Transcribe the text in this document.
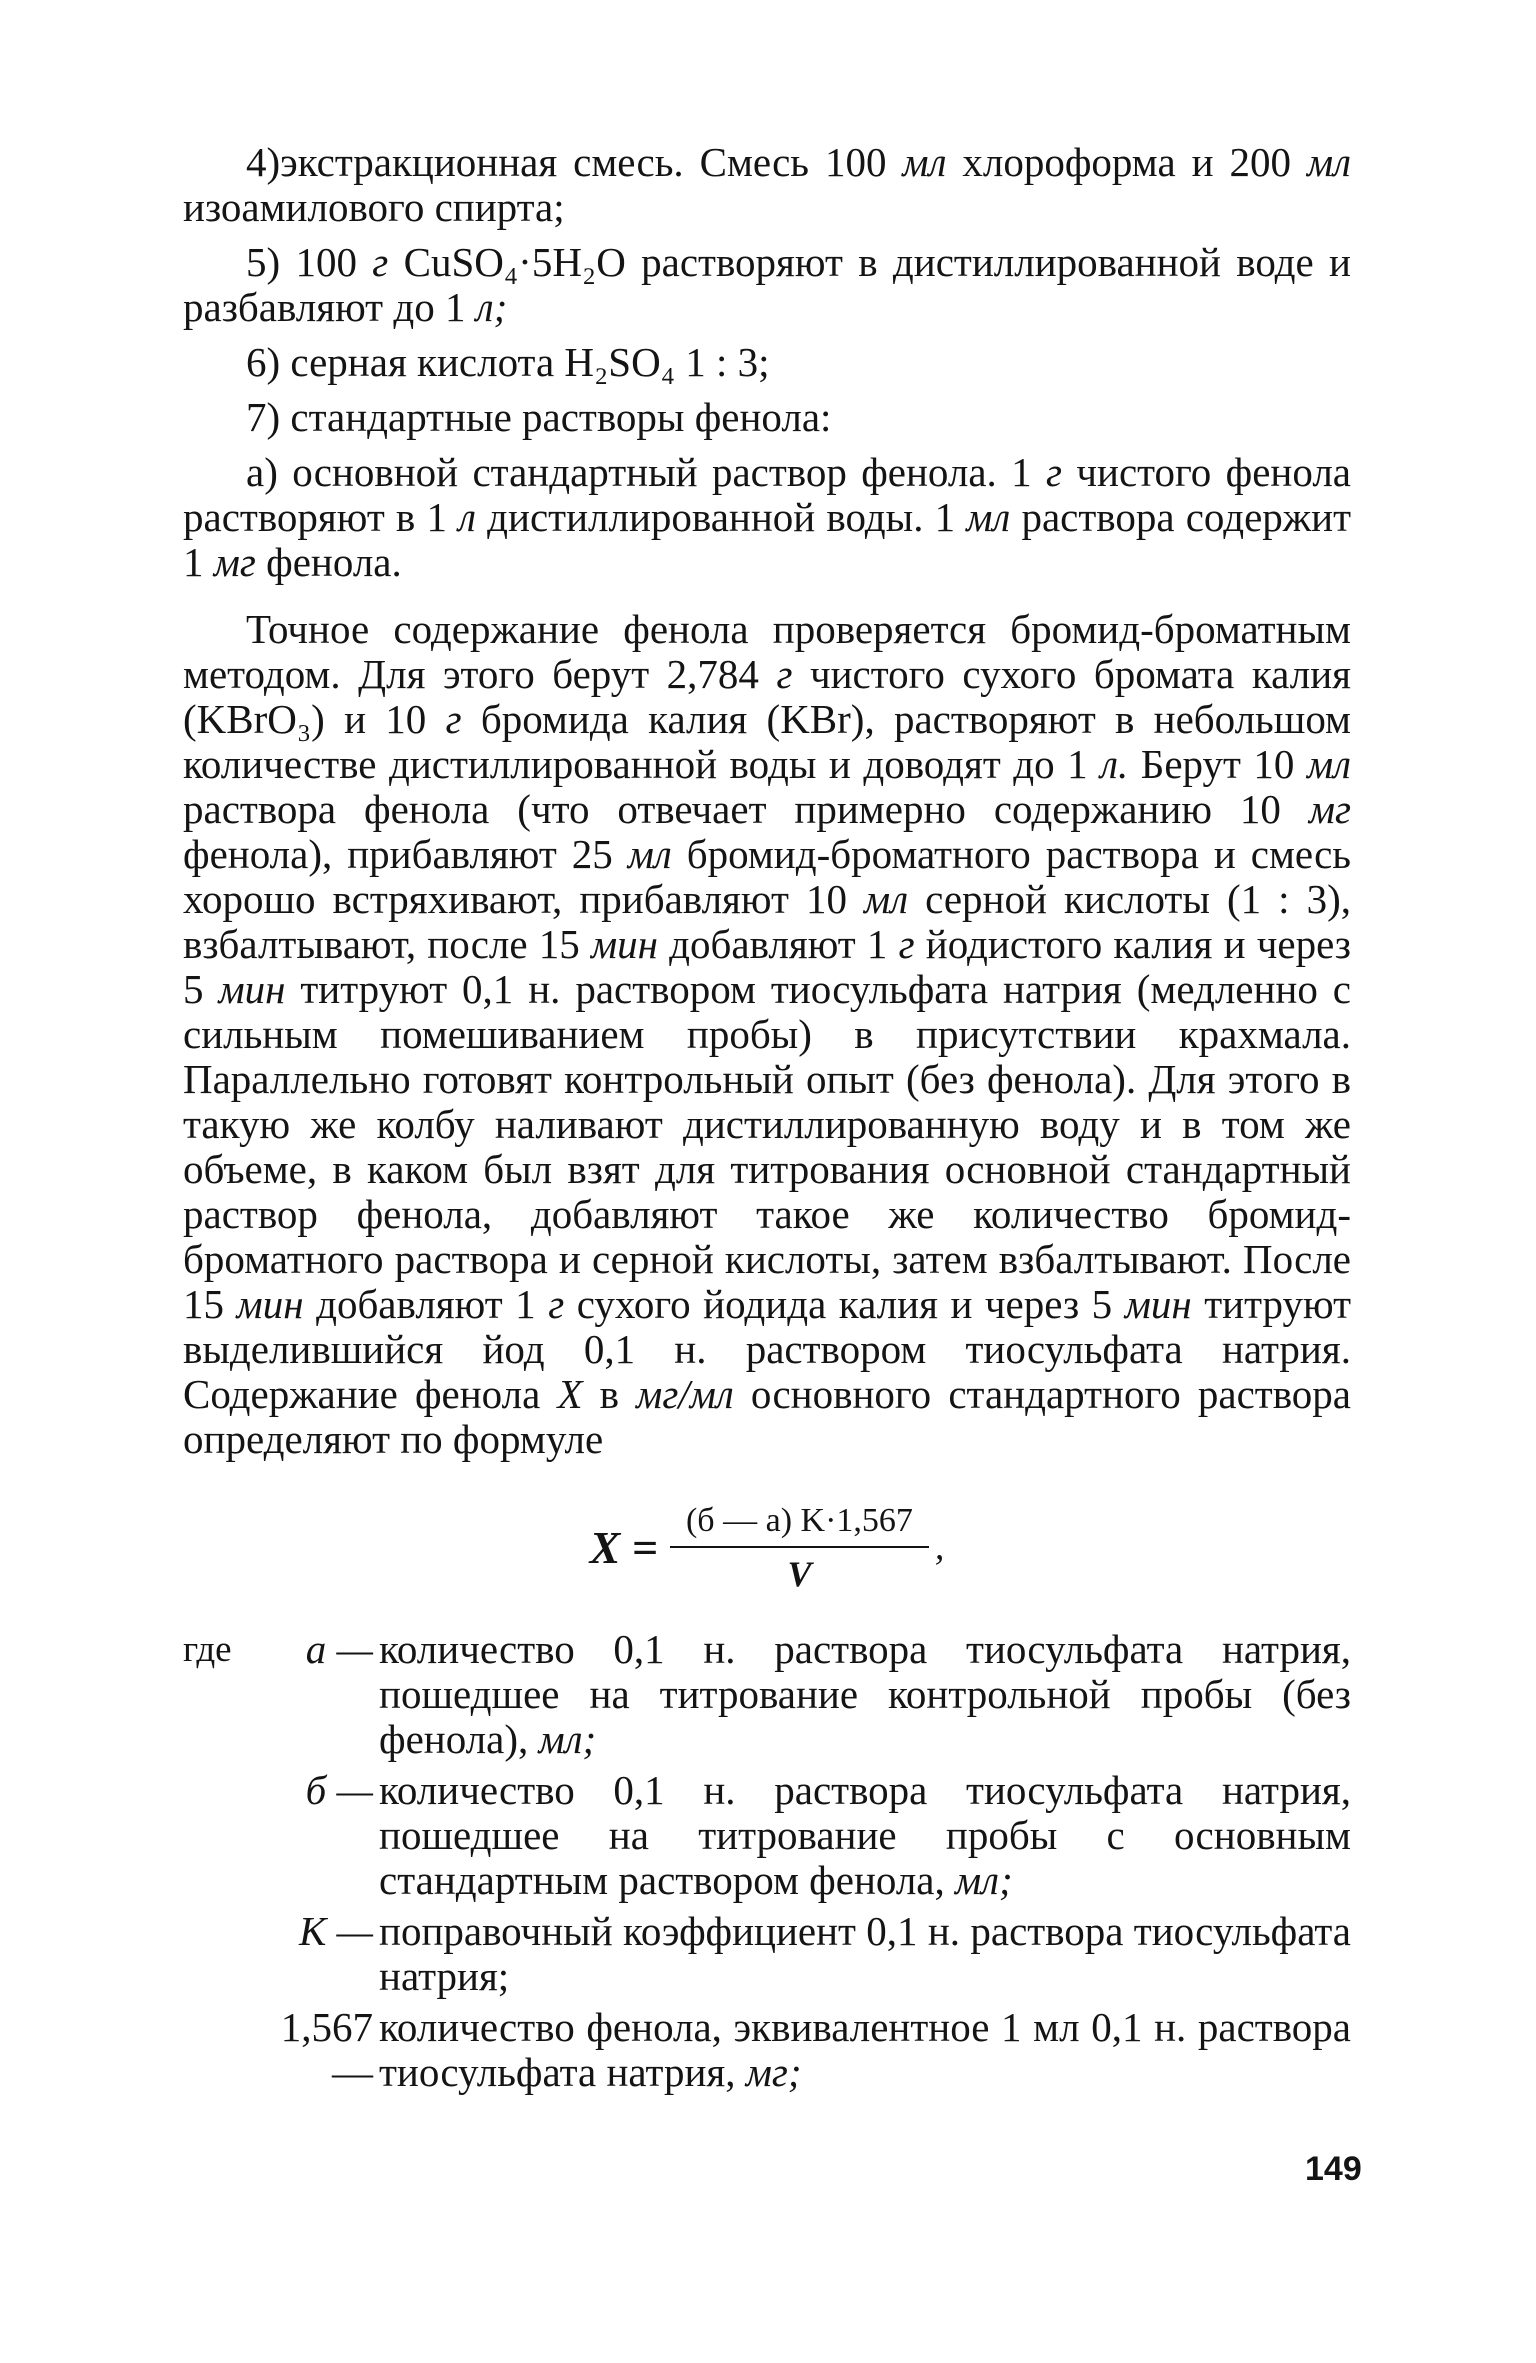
4)экстракционная смесь. Смесь 100 мл хлороформа и 200 мл изоамилового спирта;

5) 100 г CuSO₄·5H₂O растворяют в дистиллированной воде и разбавляют до 1 л;

6) серная кислота H₂SO₄ 1 : 3;

7) стандартные растворы фенола:

а) основной стандартный раствор фенола. 1 г чистого фенола растворяют в 1 л дистиллированной воды. 1 мл раствора содержит 1 мг фенола.

Точное содержание фенола проверяется бромид-броматным методом. Для этого берут 2,784 г чистого сухого бромата калия (KBrO₃) и 10 г бромида калия (KBr), растворяют в небольшом количестве дистиллированной воды и доводят до 1 л. Берут 10 мл раствора фенола (что отвечает примерно содержанию 10 мг фенола), прибавляют 25 мл бромид-броматного раствора и смесь хорошо встряхивают, прибавляют 10 мл серной кислоты (1 : 3), взбалтывают, после 15 мин добавляют 1 г йодистого калия и через 5 мин титруют 0,1 н. раствором тиосульфата натрия (медленно с сильным помешиванием пробы) в присутствии крахмала. Параллельно готовят контрольный опыт (без фенола). Для этого в такую же колбу наливают дистиллированную воду и в том же объеме, в каком был взят для титрования основной стандартный раствор фенола, добавляют такое же количество бромид-броматного раствора и серной кислоты, затем взбалтывают. После 15 мин добавляют 1 г сухого йодида калия и через 5 мин титруют выделившийся йод 0,1 н. раствором тиосульфата натрия. Содержание фенола X в мг/мл основного стандартного раствора определяют по формуле

$X = \frac{(б — а) K\cdot 1,567}{V}$ ,
где	а — количество 0,1 н. раствора тиосульфата натрия, пошедшее на титрование контрольной пробы (без фенола), мл;
б — количество 0,1 н. раствора тиосульфата натрия, пошедшее на титрование пробы с основным стандартным раствором фенола, мл;
K — поправочный коэффициент 0,1 н. раствора тиосульфата натрия;
1,567 —
количество фенола, эквивалентное 1 мл 0,1 н. раствора тиосульфата натрия, мг;
149
